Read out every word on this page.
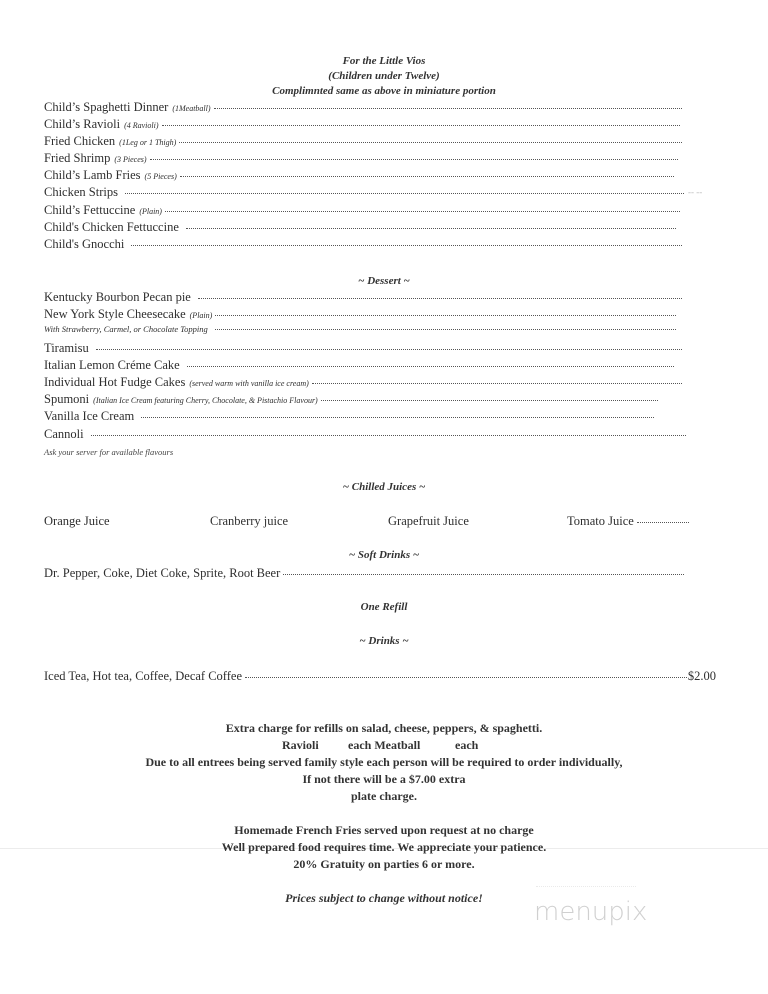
For the Little Vios
(Children under Twelve)
Complimnted same as above in miniature portion
Child’s Spaghetti Dinner (1Meatball)
Child’s Ravioli (4 Ravioli)
Fried Chicken (1Leg or 1 Thigh)
Fried Shrimp (3 Pieces)
Child’s Lamb Fries (5 Pieces)
Chicken Strips
Child’s Fettuccine (Plain)
Child's Chicken Fettuccine
Child's Gnocchi
-- --
~ Dessert ~
Kentucky Bourbon Pecan pie
New York Style Cheesecake (Plain)
With Strawberry, Carmel, or Chocolate Topping
Tiramisu
Italian Lemon Créme Cake
Individual Hot Fudge Cakes (served warm with vanilla ice cream)
Spumoni (Italian Ice Cream featuring Cherry, Chocolate, & Pistachio Flavour)
Vanilla Ice Cream
Cannoli
Ask your server for available flavours
~ Chilled Juices ~
Orange Juice	Cranberry juice	Grapefruit Juice	Tomato Juice
~ Soft Drinks ~
Dr. Pepper, Coke, Diet Coke, Sprite, Root Beer
One Refill
~ Drinks ~
Iced Tea, Hot tea, Coffee, Decaf Coffee	$2.00
Extra charge for refills on salad, cheese, peppers, & spaghetti.
Ravioli each Meatball	each
Due to all entrees being served family style each person will be required to order individually,
If not there will be a $7.00 extra
plate charge.
Homemade French Fries served upon request at no charge
Well prepared food requires time. We appreciate your patience.
20% Gratuity on parties 6 or more.
Prices subject to change without notice!	menupix
